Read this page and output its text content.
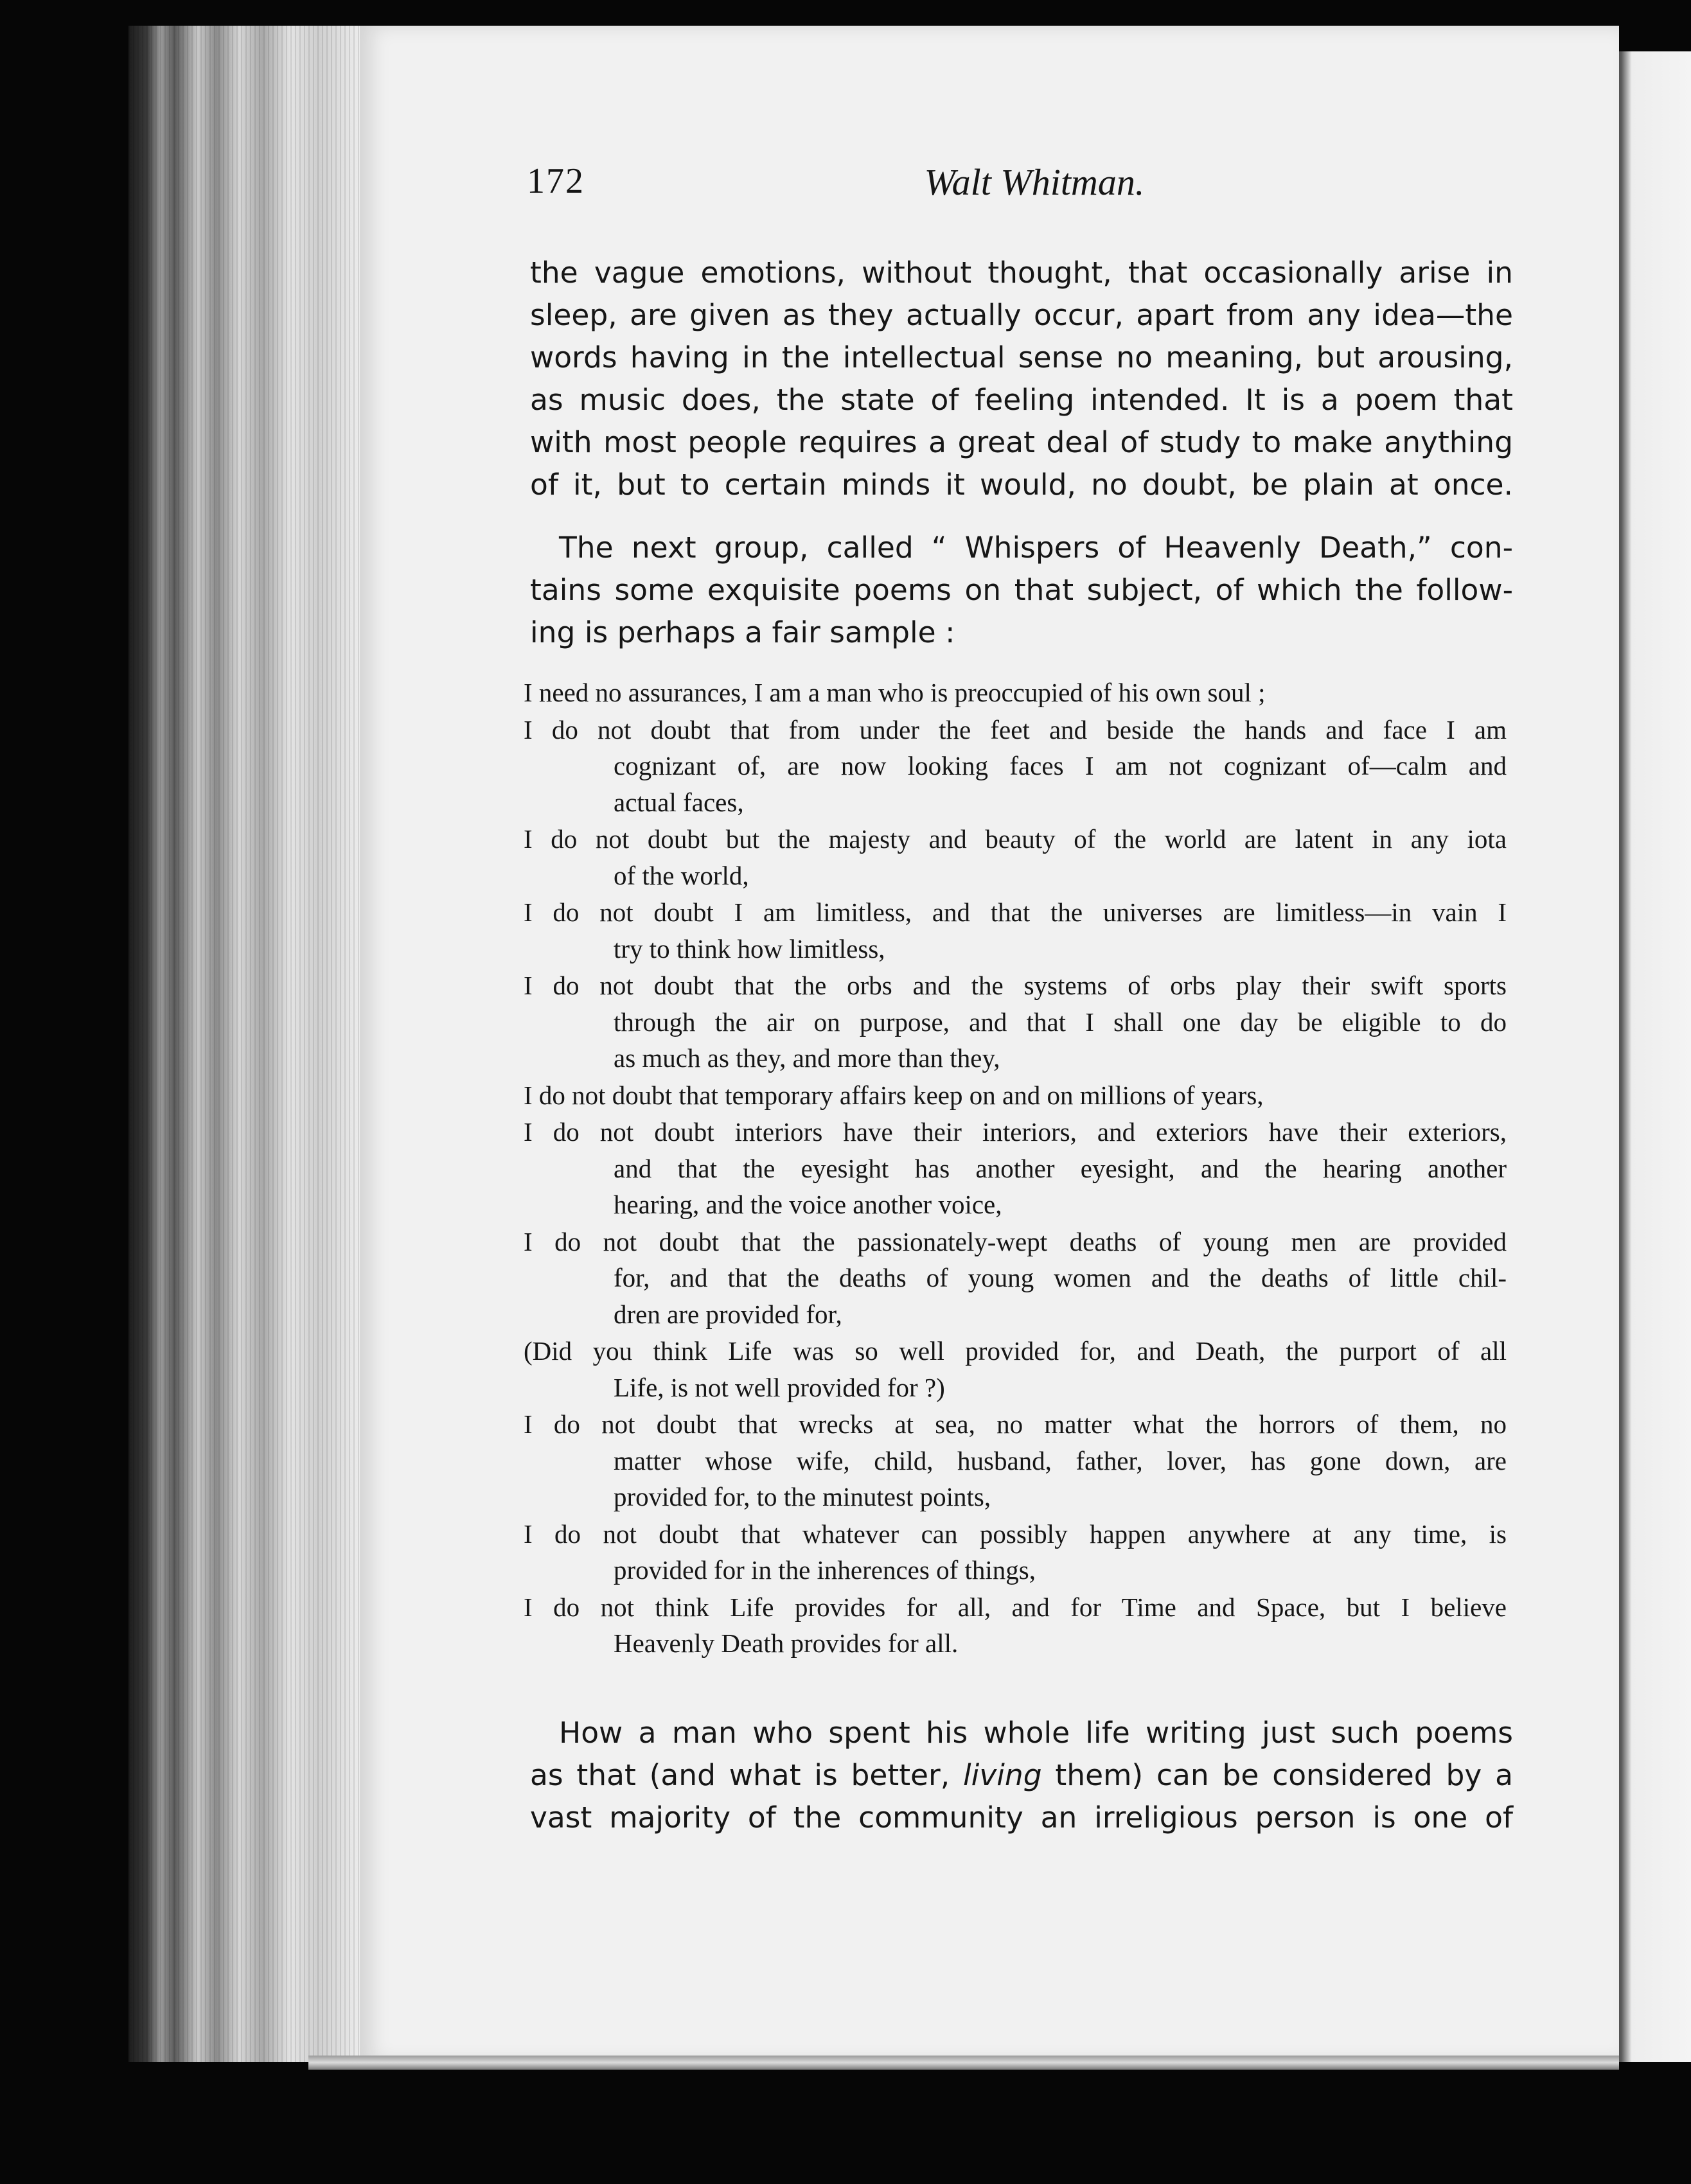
172	Walt Whitman.
the vague emotions, without thought, that occasionally arise in
sleep, are given as they actually occur, apart from any idea—the
words having in the intellectual sense no meaning, but arousing,
as music does, the state of feeling intended. It is a poem that
with most people requires a great deal of study to make anything
of it, but to certain minds it would, no doubt, be plain at once.
The next group, called “ Whispers of Heavenly Death,” con-
tains some exquisite poems on that subject, of which the follow-
ing is perhaps a fair sample :
I need no assurances, I am a man who is preoccupied of his own soul ;
I do not doubt that from under the feet and beside the hands and face I am
cognizant of, are now looking faces I am not cognizant of—calm and
actual faces,
I do not doubt but the majesty and beauty of the world are latent in any iota
of the world,
I do not doubt I am limitless, and that the universes are limitless—in vain I
try to think how limitless,
I do not doubt that the orbs and the systems of orbs play their swift sports
through the air on purpose, and that I shall one day be eligible to do
as much as they, and more than they,
I do not doubt that temporary affairs keep on and on millions of years,
I do not doubt interiors have their interiors, and exteriors have their exteriors,
and that the eyesight has another eyesight, and the hearing another
hearing, and the voice another voice,
I do not doubt that the passionately-wept deaths of young men are provided
for, and that the deaths of young women and the deaths of little chil-
dren are provided for,
(Did you think Life was so well provided for, and Death, the purport of all
Life, is not well provided for ?)
I do not doubt that wrecks at sea, no matter what the horrors of them, no
matter whose wife, child, husband, father, lover, has gone down, are
provided for, to the minutest points,
I do not doubt that whatever can possibly happen anywhere at any time, is
provided for in the inherences of things,
I do not think Life provides for all, and for Time and Space, but I believe
Heavenly Death provides for all.
How a man who spent his whole life writing just such poems
as that (and what is better, living them) can be considered by a
vast majority of the community an irreligious person is one of
